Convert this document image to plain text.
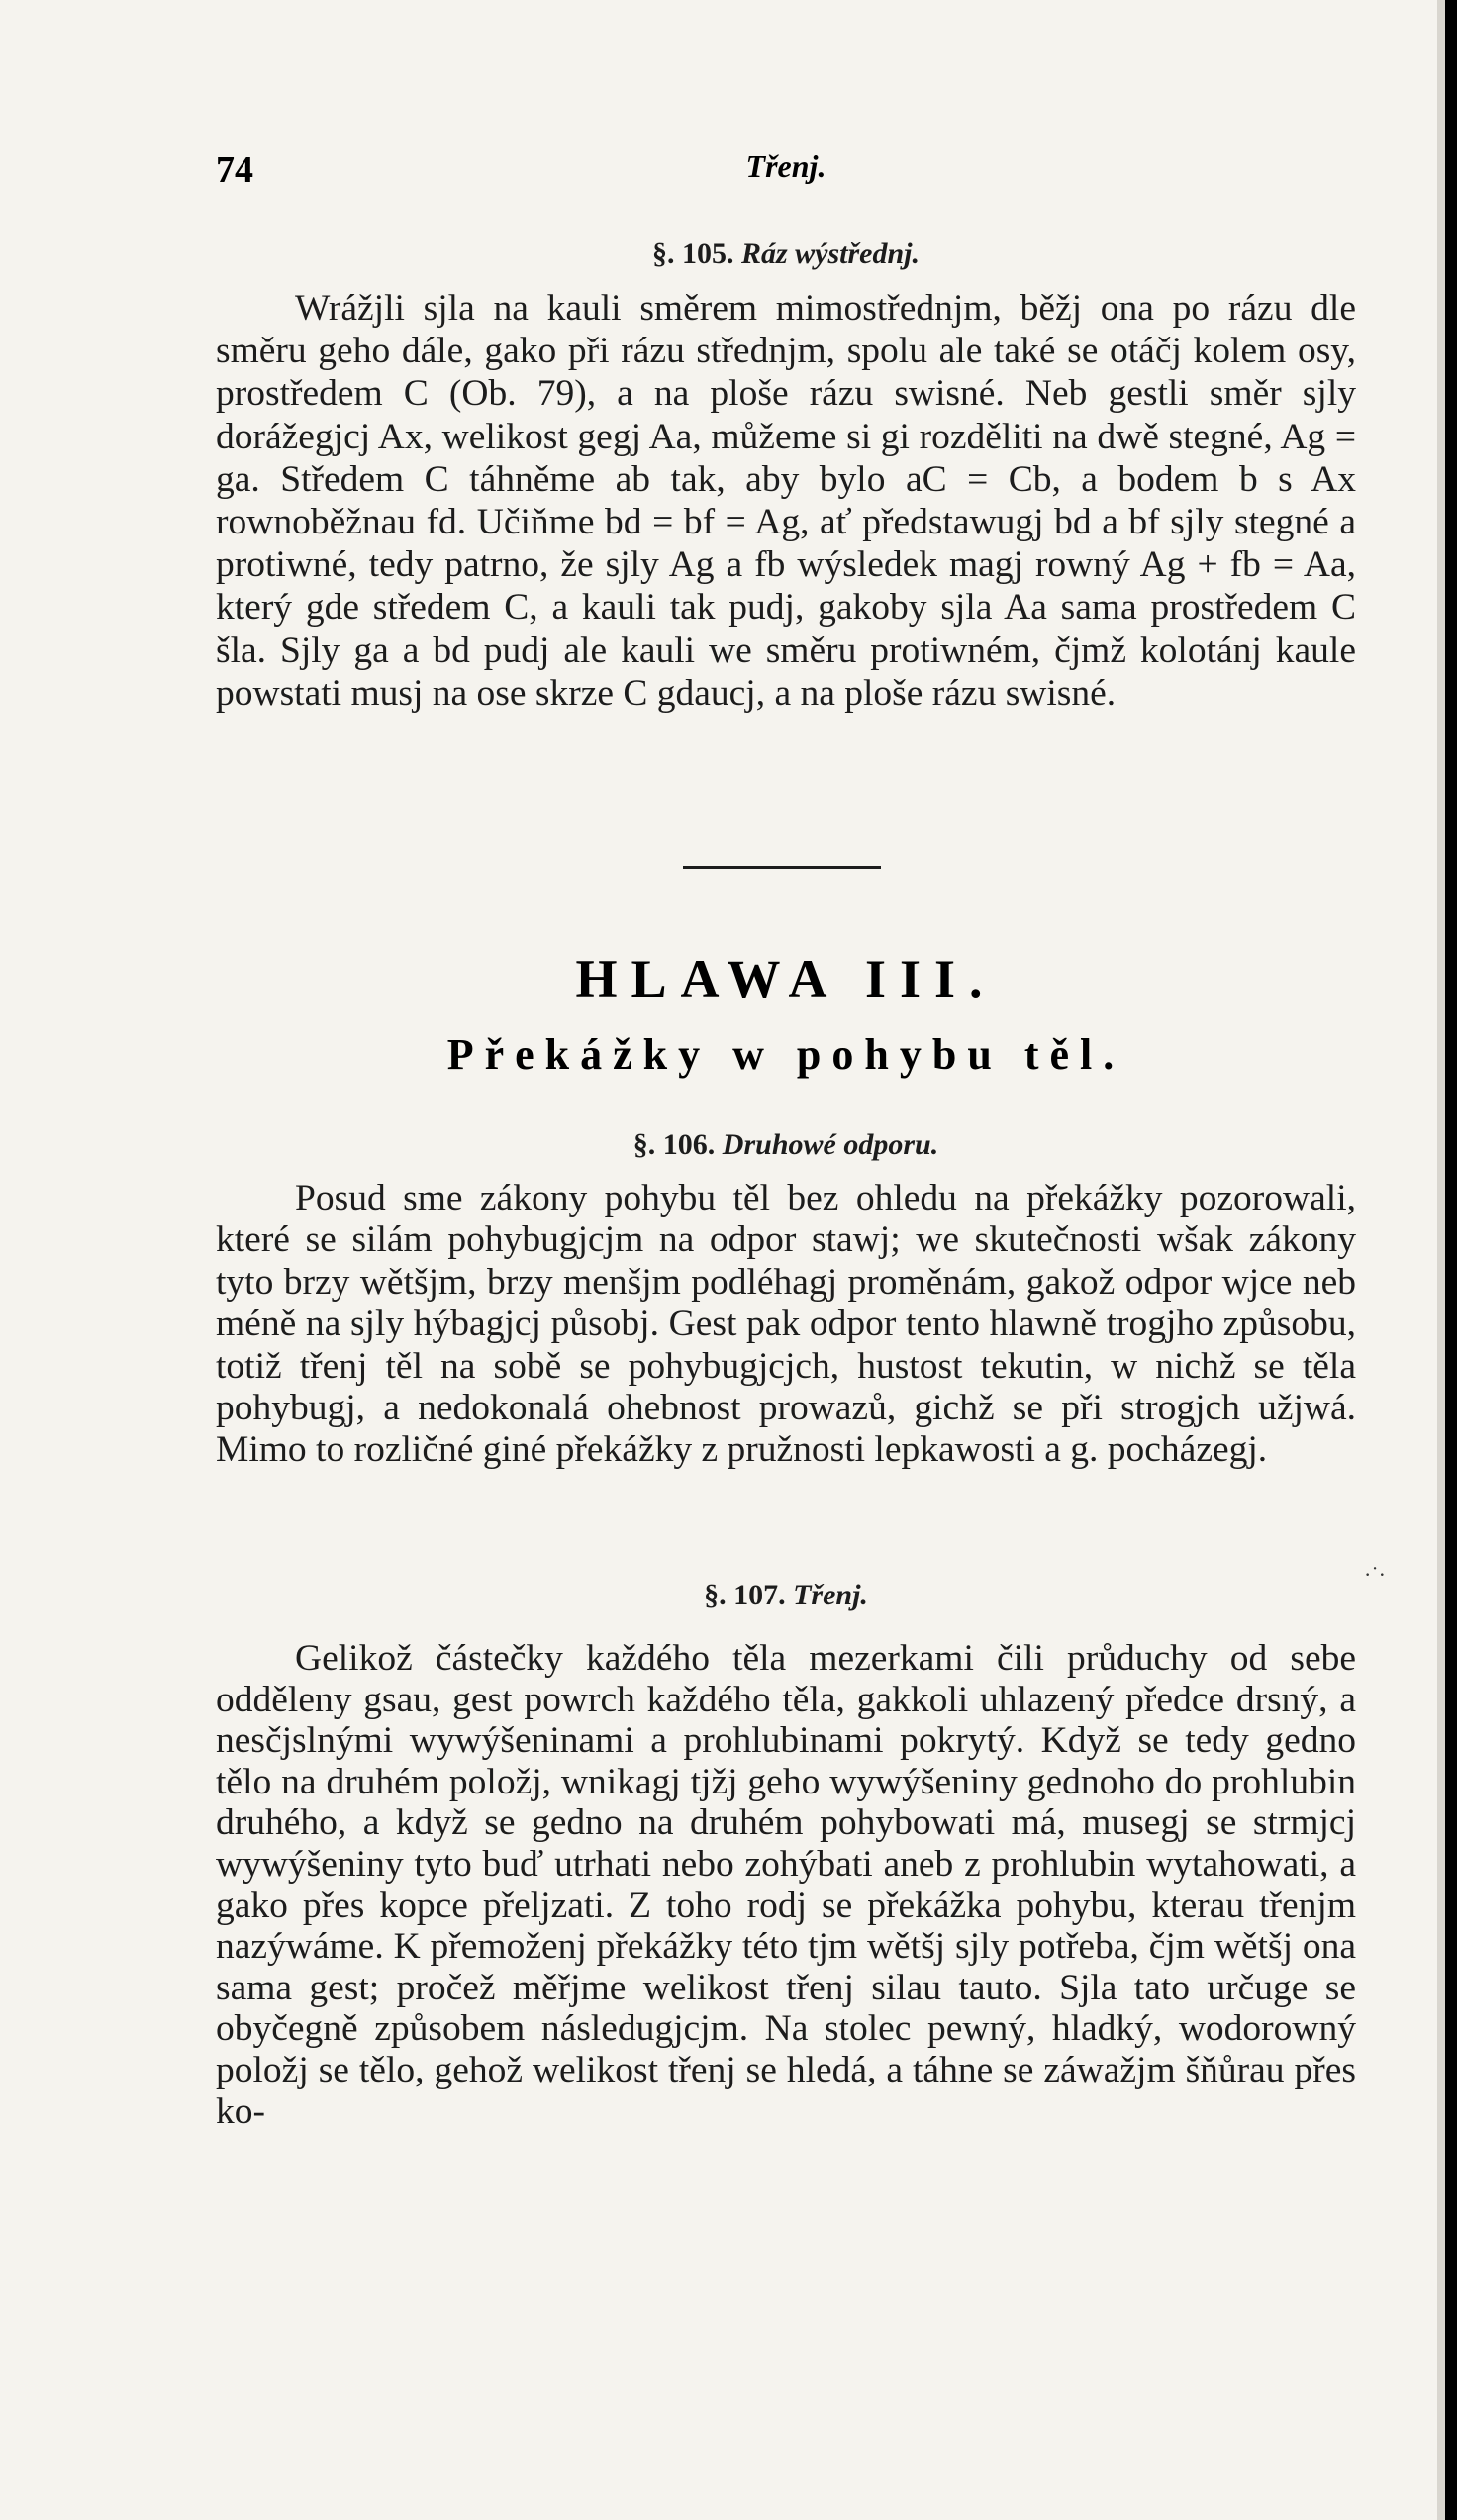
74	Třenj.
§. 105. Ráz wýstřednj.

Wrážjli sjla na kauli směrem mimostřednjm, běžj ona po rázu dle směru geho dále, gako při rázu střednjm, spolu ale také se otáčj kolem osy, prostředem C (Ob. 79), a na ploše rázu swisné. Neb gestli směr sjly dorážegjcj Ax, welikost gegj Aa, můžeme si gi rozděliti na dwě stegné, Ag = ga. Středem C táhněme ab tak, aby bylo aC = Cb, a bodem b s Ax rownoběžnau fd. Učiňme bd = bf = Ag, ať předstawugj bd a bf sjly stegné a protiwné, tedy patrno, že sjly Ag a fb wýsledek magj rowný Ag + fb = Aa, který gde středem C, a kauli tak pudj, gakoby sjla Aa sama prostředem C šla. Sjly ga a bd pudj ale kauli we směru protiwném, čjmž kolotánj kaule powstati musj na ose skrze C gdaucj, a na ploše rázu swisné.

HLAWA III.
Překážky w pohybu těl.
§. 106. Druhowé odporu.

Posud sme zákony pohybu těl bez ohledu na překážky pozorowali, které se silám pohybugjcjm na odpor stawj; we skutečnosti wšak zákony tyto brzy wětšjm, brzy menšjm podléhagj proměnám, gakož odpor wjce neb méně na sjly hýbagjcj působj. Gest pak odpor tento hlawně trogjho způsobu, totiž třenj těl na sobě se pohybugjcjch, hustost tekutin, w nichž se těla pohybugj, a nedokonalá ohebnost prowazů, gichž se při strogjch užjwá. Mimo to rozličné giné překážky z pružnosti lepkawosti a g. pocházegj.

§. 107. Třenj.

Gelikož částečky každého těla mezerkami čili průduchy od sebe odděleny gsau, gest powrch každého těla, gakkoli uhlazený předce drsný, a nesčjslnými wywýšeninami a prohlubinami pokrytý. Když se tedy gedno tělo na druhém položj, wnikagj tjžj geho wywýšeniny gednoho do prohlubin druhého, a když se gedno na druhém pohybowati má, musegj se strmjcj wywýšeniny tyto buď utrhati nebo zohýbati aneb z prohlubin wytahowati, a gako přes kopce přeljzati. Z toho rodj se překážka pohybu, kterau třenjm nazýwáme. K přemoženj překážky této tjm wětšj sjly potřeba, čjm wětšj ona sama gest; pročež měřjme welikost třenj silau tauto. Sjla tato určuge se obyčegně způsobem následugjcjm. Na stolec pewný, hladký, wodorowný položj se tělo, gehož welikost třenj se hledá, a táhne se záwažjm šňůrau přes ko-

·˙·
